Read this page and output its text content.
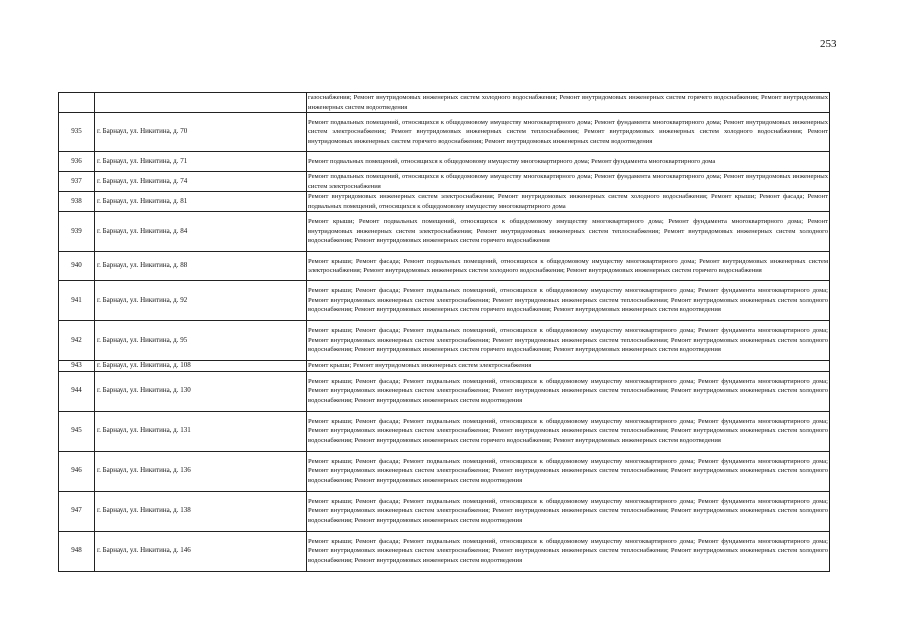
253
		газоснабжения; Ремонт внутридомовых инженерных систем холодного водоснабжения; Ремонт внутридомовых инженерных систем горячего водоснабжения; Ремонт внутридомовых инженерных систем водоотведения
935	г. Барнаул, ул. Никитина, д. 70	Ремонт подвальных помещений, относящихся к общедомовому имуществу многоквартирного дома; Ремонт фундамента многоквартирного дома; Ремонт внутридомовых инженерных систем электроснабжения; Ремонт внутридомовых инженерных систем теплоснабжения; Ремонт внутридомовых инженерных систем холодного водоснабжения; Ремонт внутридомовых инженерных систем горячего водоснабжения; Ремонт внутридомовых инженерных систем водоотведения
936	г. Барнаул, ул. Никитина, д. 71	Ремонт подвальных помещений, относящихся к общедомовому имуществу многоквартирного дома; Ремонт фундамента многоквартирного дома
937	г. Барнаул, ул. Никитина, д. 74	Ремонт подвальных помещений, относящихся к общедомовому имуществу многоквартирного дома; Ремонт фундамента многоквартирного дома; Ремонт внутридомовых инженерных систем электроснабжения
938	г. Барнаул, ул. Никитина, д. 81	Ремонт внутридомовых инженерных систем электроснабжения; Ремонт внутридомовых инженерных систем холодного водоснабжения; Ремонт крыши; Ремонт фасада; Ремонт подвальных помещений, относящихся к общедомовому имуществу многоквартирного дома
939	г. Барнаул, ул. Никитина, д. 84	Ремонт крыши; Ремонт подвальных помещений, относящихся к общедомовому имуществу многоквартирного дома; Ремонт фундамента многоквартирного дома; Ремонт внутридомовых инженерных систем электроснабжения; Ремонт внутридомовых инженерных систем теплоснабжения; Ремонт внутридомовых инженерных систем холодного водоснабжения; Ремонт внутридомовых инженерных систем горячего водоснабжения
940	г. Барнаул, ул. Никитина, д. 88	Ремонт крыши; Ремонт фасада; Ремонт подвальных помещений, относящихся к общедомовому имуществу многоквартирного дома; Ремонт внутридомовых инженерных систем электроснабжения; Ремонт внутридомовых инженерных систем холодного водоснабжения; Ремонт внутридомовых инженерных систем горячего водоснабжения
941	г. Барнаул, ул. Никитина, д. 92	Ремонт крыши; Ремонт фасада; Ремонт подвальных помещений, относящихся к общедомовому имуществу многоквартирного дома; Ремонт фундамента многоквартирного дома; Ремонт внутридомовых инженерных систем электроснабжения; Ремонт внутридомовых инженерных систем теплоснабжения; Ремонт внутридомовых инженерных систем холодного водоснабжения; Ремонт внутридомовых инженерных систем горячего водоснабжения; Ремонт внутридомовых инженерных систем водоотведения
942	г. Барнаул, ул. Никитина, д. 95	Ремонт крыши; Ремонт фасада; Ремонт подвальных помещений, относящихся к общедомовому имуществу многоквартирного дома; Ремонт фундамента многоквартирного дома; Ремонт внутридомовых инженерных систем электроснабжения; Ремонт внутридомовых инженерных систем теплоснабжения; Ремонт внутридомовых инженерных систем холодного водоснабжения; Ремонт внутридомовых инженерных систем горячего водоснабжения; Ремонт внутридомовых инженерных систем водоотведения
943	г. Барнаул, ул. Никитина, д. 108	Ремонт крыши; Ремонт внутридомовых инженерных систем электроснабжения
944	г. Барнаул, ул. Никитина, д. 130	Ремонт крыши; Ремонт фасада; Ремонт подвальных помещений, относящихся к общедомовому имуществу многоквартирного дома; Ремонт фундамента многоквартирного дома; Ремонт внутридомовых инженерных систем электроснабжения; Ремонт внутридомовых инженерных систем теплоснабжения; Ремонт внутридомовых инженерных систем холодного водоснабжения; Ремонт внутридомовых инженерных систем водоотведения
945	г. Барнаул, ул. Никитина, д. 131	Ремонт крыши; Ремонт фасада; Ремонт подвальных помещений, относящихся к общедомовому имуществу многоквартирного дома; Ремонт фундамента многоквартирного дома; Ремонт внутридомовых инженерных систем электроснабжения; Ремонт внутридомовых инженерных систем теплоснабжения; Ремонт внутридомовых инженерных систем холодного водоснабжения; Ремонт внутридомовых инженерных систем горячего водоснабжения; Ремонт внутридомовых инженерных систем водоотведения
946	г. Барнаул, ул. Никитина, д. 136	Ремонт крыши; Ремонт фасада; Ремонт подвальных помещений, относящихся к общедомовому имуществу многоквартирного дома; Ремонт фундамента многоквартирного дома; Ремонт внутридомовых инженерных систем электроснабжения; Ремонт внутридомовых инженерных систем теплоснабжения; Ремонт внутридомовых инженерных систем холодного водоснабжения; Ремонт внутридомовых инженерных систем водоотведения
947	г. Барнаул, ул. Никитина, д. 138	Ремонт крыши; Ремонт фасада; Ремонт подвальных помещений, относящихся к общедомовому имуществу многоквартирного дома; Ремонт фундамента многоквартирного дома; Ремонт внутридомовых инженерных систем электроснабжения; Ремонт внутридомовых инженерных систем теплоснабжения; Ремонт внутридомовых инженерных систем холодного водоснабжения; Ремонт внутридомовых инженерных систем водоотведения
948	г. Барнаул, ул. Никитина, д. 146	Ремонт крыши; Ремонт фасада; Ремонт подвальных помещений, относящихся к общедомовому имуществу многоквартирного дома; Ремонт фундамента многоквартирного дома; Ремонт внутридомовых инженерных систем электроснабжения; Ремонт внутридомовых инженерных систем теплоснабжения; Ремонт внутридомовых инженерных систем холодного водоснабжения; Ремонт внутридомовых инженерных систем водоотведения
